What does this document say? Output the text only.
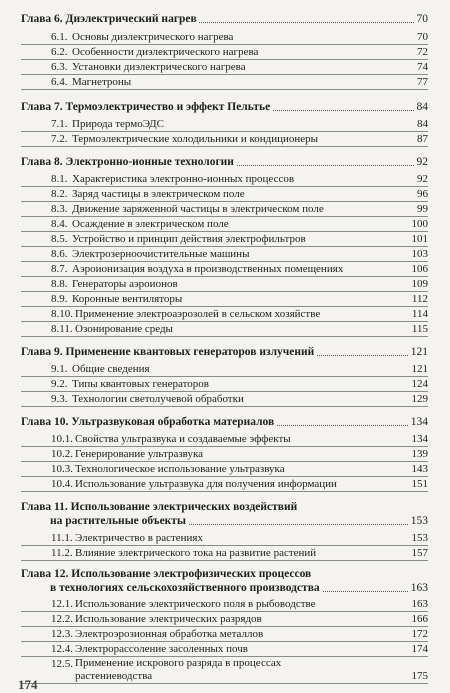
Глава 6. Диэлектрический нагрев	70
6.1. Основы диэлектрического нагрева	70
6.2. Особенности диэлектрического нагрева	72
6.3. Установки диэлектрического нагрева	74
6.4. Магнетроны	77
Глава 7. Термоэлектричество и эффект Пельтье	84
7.1. Природа термоЭДС	84
7.2. Термоэлектрические холодильники и кондиционеры	87
Глава 8. Электронно-ионные технологии	92
8.1. Характеристика электронно-ионных процессов	92
8.2. Заряд частицы в электрическом поле	96
8.3. Движение заряженной частицы в электрическом поле	99
8.4. Осаждение в электрическом поле	100
8.5. Устройство и принцип действия электрофильтров	101
8.6. Электрозерноочистительные машины	103
8.7. Аэроионизация воздуха в производственных помещениях	106
8.8. Генераторы аэроионов	109
8.9. Коронные вентиляторы	112
8.10. Применение электроаэрозолей в сельском хозяйстве	114
8.11. Озонирование среды	115
Глава 9. Применение квантовых генераторов излучений	121
9.1. Общие сведения	121
9.2. Типы квантовых генераторов	124
9.3. Технологии светолучевой обработки	129
Глава 10. Ультразвуковая обработка материалов	134
10.1. Свойства ультразвука и создаваемые эффекты	134
10.2. Генерирование ультразвука	139
10.3. Технологическое использование ультразвука	143
10.4. Использование ультразвука для получения информации	151
Глава 11. Использование электрических воздействий
на растительные объекты	153
11.1. Электричество в растениях	153
11.2. Влияние электрического тока на развитие растений	157
Глава 12. Использование электрофизических процессов
в технологиях сельскохозяйственного производства	163
12.1. Использование электрического поля в рыбоводстве	163
12.2. Использование электрических разрядов	166
12.3. Электроэрозионная обработка металлов	172
12.4. Электрорассоление засоленных почв	174
12.5. Применение искрового разряда в процессах
растениеводства	175
174
